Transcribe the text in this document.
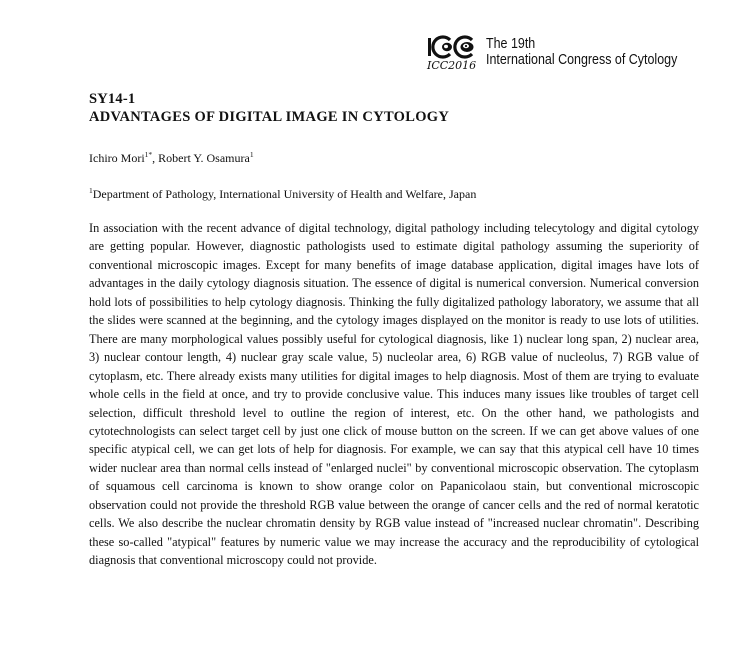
ICC2016
The 19th
International Congress of Cytology
SY14-1
ADVANTAGES OF DIGITAL IMAGE IN CYTOLOGY
Ichiro Mori$^{1*}$, Robert Y. Osamura$^1$
$^1$Department of Pathology, International University of Health and Welfare, Japan

In association with the recent advance of digital technology, digital pathology including telecytology and digital cytology are getting popular. However, diagnostic pathologists used to estimate digital pathology assuming the superiority of conventional microscopic images. Except for many benefits of image database application, digital images have lots of advantages in the daily cytology diagnosis situation. The essence of digital is numerical conversion. Numerical conversion hold lots of possibilities to help cytology diagnosis. Thinking the fully digitalized pathology laboratory, we assume that all the slides were scanned at the beginning, and the cytology images displayed on the monitor is ready to use lots of utilities. There are many morphological values possibly useful for cytological diagnosis, like 1) nuclear long span, 2) nuclear area, 3) nuclear contour length, 4) nuclear gray scale value, 5) nucleolar area, 6) RGB value of nucleolus, 7) RGB value of cytoplasm, etc. There already exists many utilities for digital images to help diagnosis. Most of them are trying to evaluate whole cells in the field at once, and try to provide conclusive value. This induces many issues like troubles of target cell selection, difficult threshold level to outline the region of interest, etc. On the other hand, we pathologists and cytotechnologists can select target cell by just one click of mouse button on the screen. If we can get above values of one specific atypical cell, we can get lots of help for diagnosis. For example, we can say that this atypical cell have 10 times wider nuclear area than normal cells instead of "enlarged nuclei" by conventional microscopic observation. The cytoplasm of squamous cell carcinoma is known to show orange color on Papanicolaou stain, but conventional microscopic observation could not provide the threshold RGB value between the orange of cancer cells and the red of normal keratotic cells. We also describe the nuclear chromatin density by RGB value instead of "increased nuclear chromatin". Describing these so-called "atypical" features by numeric value we may increase the accuracy and the reproducibility of cytological diagnosis that conventional microscopy could not provide.
